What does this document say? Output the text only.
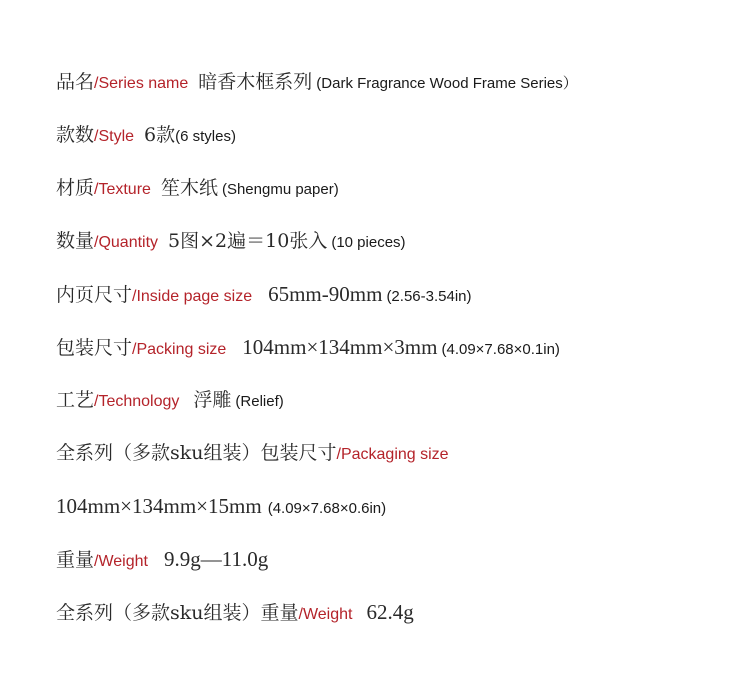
品名/Series name 暗香木框系列 (Dark Fragrance Wood Frame Series）
款数/Style 6款(6 styles)
材质/Texture 笙木纸 (Shengmu paper)
数量/Quantity 5图×2遍＝10张入 (10 pieces)
内页尺寸/Inside page size 65mm-90mm (2.56-3.54in)
包装尺寸/Packing size 104mm×134mm×3mm (4.09×7.68×0.1in)
工艺/Technology 浮雕 (Relief)
全系列（多款sku组装）包装尺寸/Packaging size
104mm×134mm×15mm (4.09×7.68×0.6in)
重量/Weight 9.9g—11.0g
全系列（多款sku组装）重量/Weight 62.4g
